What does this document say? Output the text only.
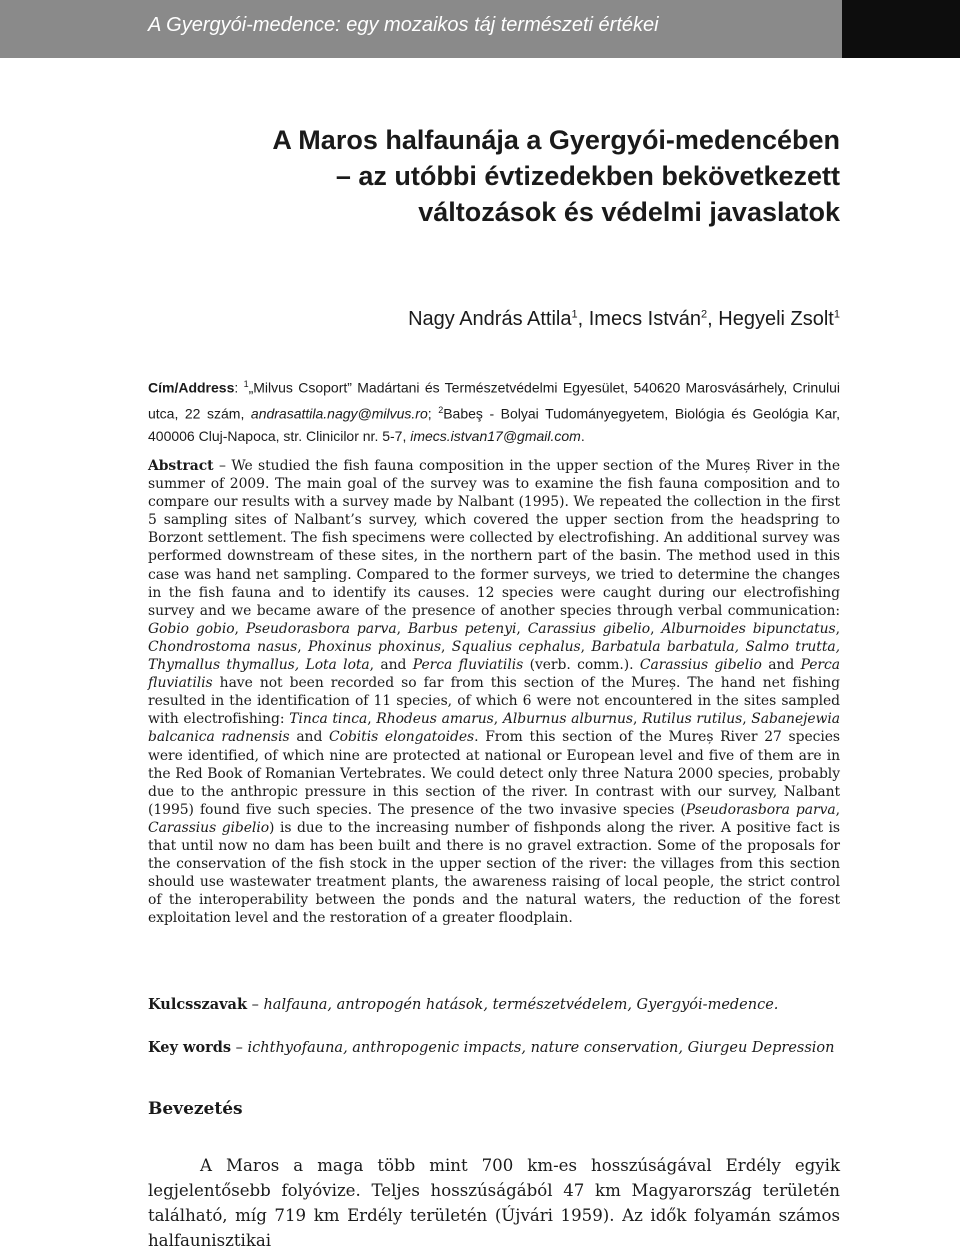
A Gyergyói-medence: egy mozaikos táj természeti értékei
A Maros halfaunája a Gyergyói-medencében
– az utóbbi évtizedekben bekövetkezett
változások és védelmi javaslatok
Nagy András Attila$^1$, Imecs István$^2$, Hegyeli Zsolt$^1$
Cím/Address: $^1$„Milvus Csoport” Madártani és Természetvédelmi Egyesület, 540620 Marosvásárhely, Crinului utca, 22 szám, andrasattila.nagy@milvus.ro; $^2$Babeş - Bolyai Tudományegyetem, Biológia és Geológia Kar, 400006 Cluj-Napoca, str. Clinicilor nr. 5-7, imecs.istvan17@gmail.com.
Abstract – We studied the fish fauna composition in the upper section of the Mureș River in the summer of 2009. The main goal of the survey was to examine the fish fauna composition and to compare our results with a survey made by Nalbant (1995). We repeated the collection in the first 5 sampling sites of Nalbant’s survey, which covered the upper section from the headspring to Borzont settlement. The fish specimens were collected by electrofishing. An additional survey was performed downstream of these sites, in the northern part of the basin. The method used in this case was hand net sampling. Compared to the former surveys, we tried to determine the changes in the fish fauna and to identify its causes. 12 species were caught during our electrofishing survey and we became aware of the presence of another species through verbal communication: Gobio gobio, Pseudorasbora parva, Barbus petenyi, Carassius gibelio, Alburnoides bipunctatus, Chondrostoma nasus, Phoxinus phoxinus, Squalius cephalus, Barbatula barbatula, Salmo trutta, Thymallus thymallus, Lota lota, and Perca fluviatilis (verb. comm.). Carassius gibelio and Perca fluviatilis have not been recorded so far from this section of the Mureș. The hand net fishing resulted in the identification of 11 species, of which 6 were not encountered in the sites sampled with electrofishing: Tinca tinca, Rhodeus amarus, Alburnus alburnus, Rutilus rutilus, Sabanejewia balcanica radnensis and Cobitis elongatoides. From this section of the Mureș River 27 species were identified, of which nine are protected at national or European level and five of them are in the Red Book of Romanian Vertebrates. We could detect only three Natura 2000 species, probably due to the anthropic pressure in this section of the river. In contrast with our survey, Nalbant (1995) found five such species. The presence of the two invasive species (Pseudorasbora parva, Carassius gibelio) is due to the increasing number of fishponds along the river. A positive fact is that until now no dam has been built and there is no gravel extraction. Some of the proposals for the conservation of the fish stock in the upper section of the river: the villages from this section should use wastewater treatment plants, the awareness raising of local people, the strict control of the interoperability between the ponds and the natural waters, the reduction of the forest exploitation level and the restoration of a greater floodplain.
Kulcsszavak – halfauna, antropogén hatások, természetvédelem, Gyergyói-medence.
Key words – ichthyofauna, anthropogenic impacts, nature conservation, Giurgeu Depression
Bevezetés
A Maros a maga több mint 700 km-es hosszúságával Erdély egyik legjelentősebb folyóvize. Teljes hosszúságából 47 km Magyarország területén található, míg 719 km Erdély területén (Újvári 1959). Az idők folyamán számos halfaunisztikai
